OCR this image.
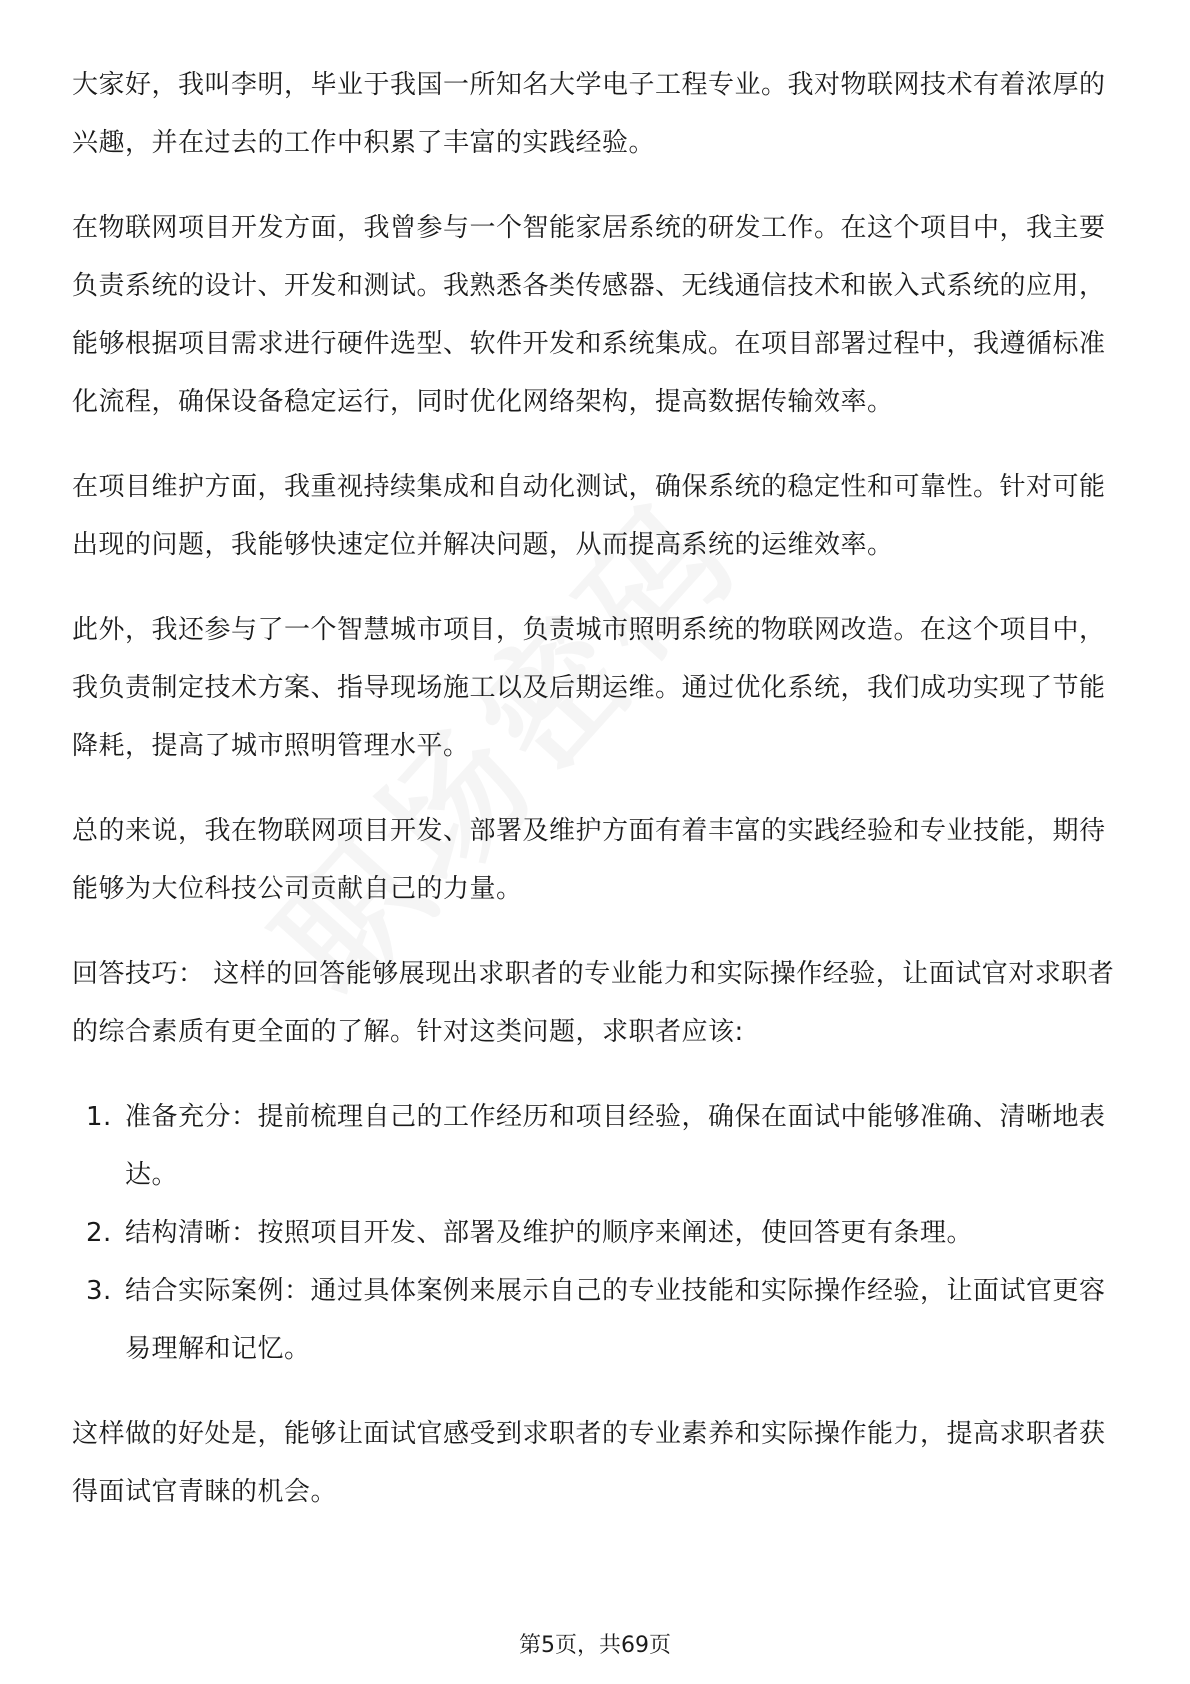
大家好，我叫李明，毕业于我国一所知名大学电子工程专业。我对物联网技术有着浓厚的兴趣，并在过去的工作中积累了丰富的实践经验。

在物联网项目开发方面，我曾参与一个智能家居系统的研发工作。在这个项目中，我主要负责系统的设计、开发和测试。我熟悉各类传感器、无线通信技术和嵌入式系统的应用，能够根据项目需求进行硬件选型、软件开发和系统集成。在项目部署过程中，我遵循标准化流程，确保设备稳定运行，同时优化网络架构，提高数据传输效率。

在项目维护方面，我重视持续集成和自动化测试，确保系统的稳定性和可靠性。针对可能出现的问题，我能够快速定位并解决问题，从而提高系统的运维效率。

此外，我还参与了一个智慧城市项目，负责城市照明系统的物联网改造。在这个项目中，我负责制定技术方案、指导现场施工以及后期运维。通过优化系统，我们成功实现了节能降耗，提高了城市照明管理水平。

总的来说，我在物联网项目开发、部署及维护方面有着丰富的实践经验和专业技能，期待能够为大位科技公司贡献自己的力量。

回答技巧： 这样的回答能够展现出求职者的专业能力和实际操作经验，让面试官对求职者的综合素质有更全面的了解。针对这类问题，求职者应该:

1. 准备充分：提前梳理自己的工作经历和项目经验，确保在面试中能够准确、清晰地表达。
2. 结构清晰：按照项目开发、部署及维护的顺序来阐述，使回答更有条理。
3. 结合实际案例：通过具体案例来展示自己的专业技能和实际操作经验，让面试官更容易理解和记忆。

这样做的好处是，能够让面试官感受到求职者的专业素养和实际操作能力，提高求职者获得面试官青睐的机会。

第5页，共69页
